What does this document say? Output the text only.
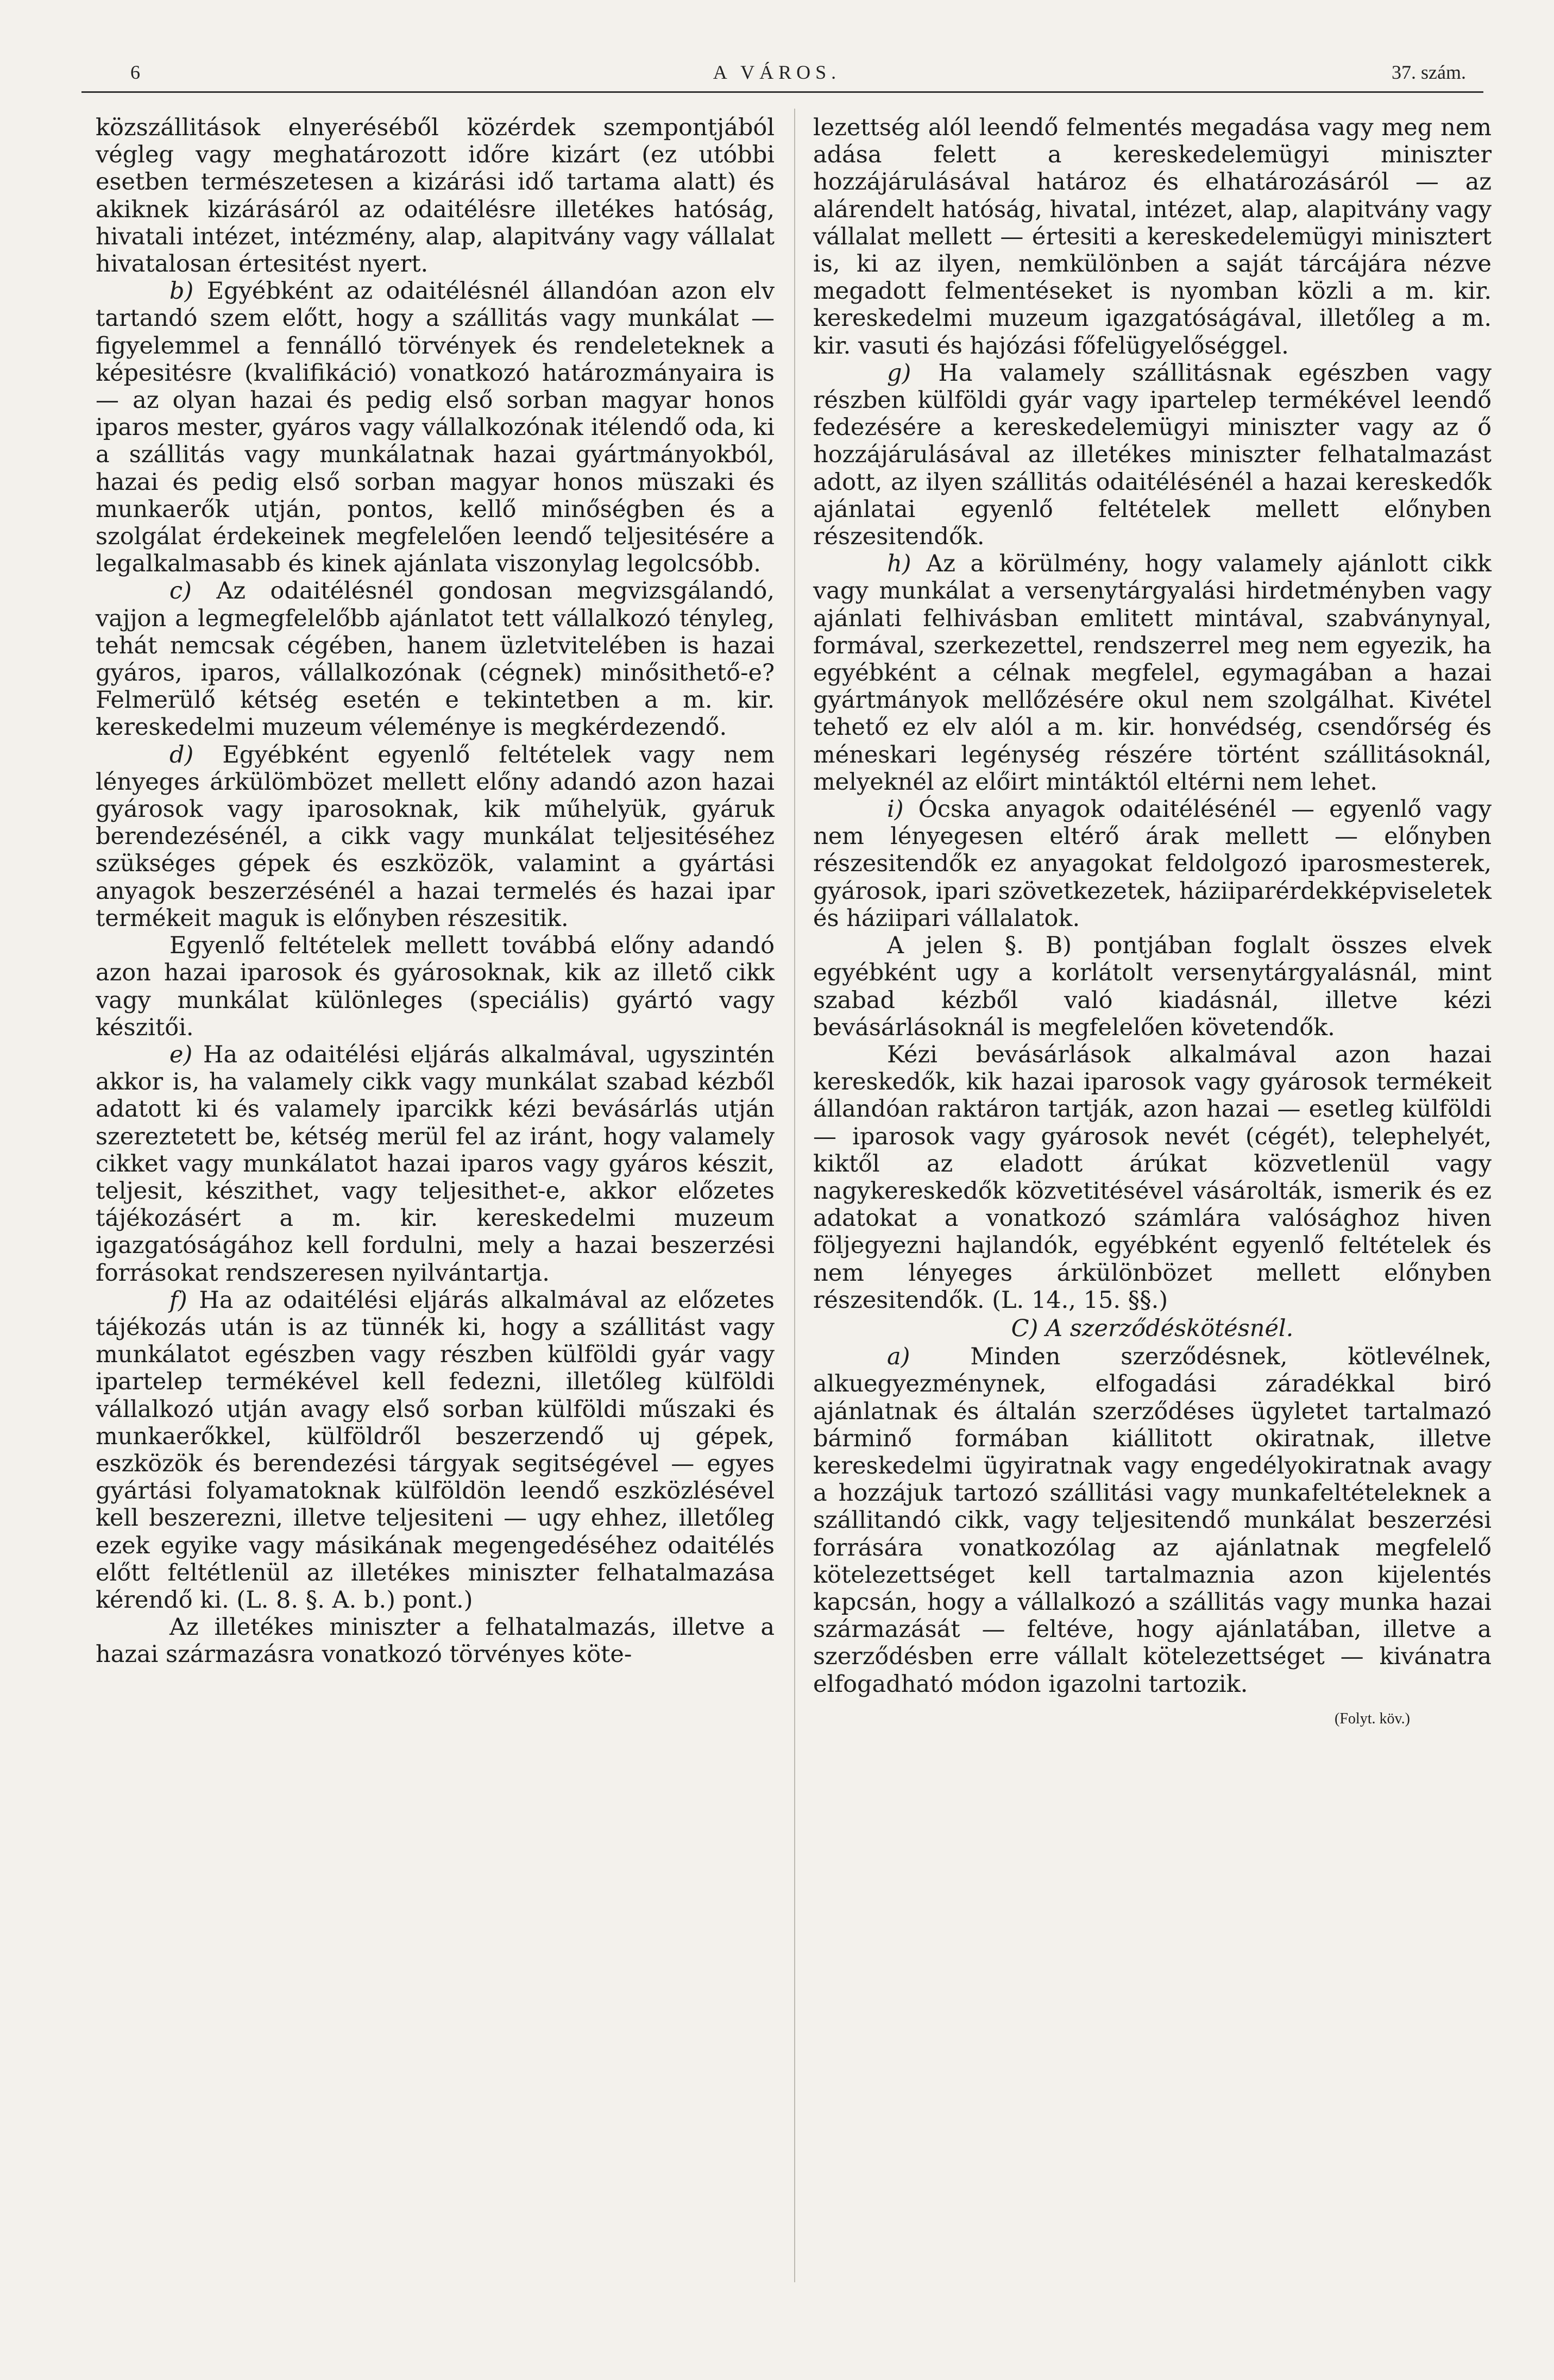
6	A VÁROS.	37. szám.

közszállitások elnyeréséből közérdek szempontjából végleg vagy meghatározott időre kizárt (ez utóbbi esetben természetesen a kizárási idő tartama alatt) és akiknek kizárásáról az odaitélésre illetékes hatóság, hivatali intézet, intézmény, alap, alapitvány vagy vállalat hivatalosan értesitést nyert.

b) Egyébként az odaitélésnél állandóan azon elv tartandó szem előtt, hogy a szállitás vagy munkálat — figyelemmel a fennálló törvények és rendeleteknek a képesitésre (kvalifikáció) vonatkozó határozmányaira is — az olyan hazai és pedig első sorban magyar honos iparos mester, gyáros vagy vállalkozónak itélendő oda, ki a szállitás vagy munkálatnak hazai gyártmányokból, hazai és pedig első sorban magyar honos müszaki és munkaerők utján, pontos, kellő minőségben és a szolgálat érdekeinek megfelelően leendő teljesitésére a legalkalmasabb és kinek ajánlata viszonylag legolcsóbb.

c) Az odaitélésnél gondosan megvizsgálandó, vajjon a legmegfelelőbb ajánlatot tett vállalkozó tényleg, tehát nemcsak cégében, hanem üzletvitelében is hazai gyáros, iparos, vállalkozónak (cégnek) minősithető-e? Felmerülő kétség esetén e tekintetben a m. kir. kereskedelmi muzeum véleménye is megkérdezendő.

d) Egyébként egyenlő feltételek vagy nem lényeges árkülömbözet mellett előny adandó azon hazai gyárosok vagy iparosoknak, kik műhelyük, gyáruk berendezésénél, a cikk vagy munkálat teljesitéséhez szükséges gépek és eszközök, valamint a gyártási anyagok beszerzésénél a hazai termelés és hazai ipar termékeit maguk is előnyben részesitik.

Egyenlő feltételek mellett továbbá előny adandó azon hazai iparosok és gyárosoknak, kik az illető cikk vagy munkálat különleges (speciális) gyártó vagy készitői.

e) Ha az odaitélési eljárás alkalmával, ugyszintén akkor is, ha valamely cikk vagy munkálat szabad kézből adatott ki és valamely iparcikk kézi bevásárlás utján szereztetett be, kétség merül fel az iránt, hogy valamely cikket vagy munkálatot hazai iparos vagy gyáros készit, teljesit, készithet, vagy teljesithet-e, akkor előzetes tájékozásért a m. kir. kereskedelmi muzeum igazgatóságához kell fordulni, mely a hazai beszerzési forrásokat rendszeresen nyilvántartja.

f) Ha az odaitélési eljárás alkalmával az előzetes tájékozás után is az tünnék ki, hogy a szállitást vagy munkálatot egészben vagy részben külföldi gyár vagy ipartelep termékével kell fedezni, illetőleg külföldi vállalkozó utján avagy első sorban külföldi műszaki és munkaerőkkel, külföldről beszerzendő uj gépek, eszközök és berendezési tárgyak segitségével — egyes gyártási folyamatoknak külföldön leendő eszközlésével kell beszerezni, illetve teljesiteni — ugy ehhez, illetőleg ezek egyike vagy másikának megengedéséhez odaitélés előtt feltétlenül az illetékes miniszter felhatalmazása kérendő ki. (L. 8. §. A. b.) pont.)

Az illetékes miniszter a felhatalmazás, illetve a hazai származásra vonatkozó törvényes köte-

lezettség alól leendő felmentés megadása vagy meg nem adása felett a kereskedelemügyi miniszter hozzájárulásával határoz és elhatározásáról — az alárendelt hatóság, hivatal, intézet, alap, alapitvány vagy vállalat mellett — értesiti a kereskedelemügyi minisztert is, ki az ilyen, nemkülönben a saját tárcájára nézve megadott felmentéseket is nyomban közli a m. kir. kereskedelmi muzeum igazgatóságával, illetőleg a m. kir. vasuti és hajózási főfelügyelőséggel.

g) Ha valamely szállitásnak egészben vagy részben külföldi gyár vagy ipartelep termékével leendő fedezésére a kereskedelemügyi miniszter vagy az ő hozzájárulásával az illetékes miniszter felhatalmazást adott, az ilyen szállitás odaitélésénél a hazai kereskedők ajánlatai egyenlő feltételek mellett előnyben részesitendők.

h) Az a körülmény, hogy valamely ajánlott cikk vagy munkálat a versenytárgyalási hirdetményben vagy ajánlati felhivásban emlitett mintával, szabványnyal, formával, szerkezettel, rendszerrel meg nem egyezik, ha egyébként a célnak megfelel, egymagában a hazai gyártmányok mellőzésére okul nem szolgálhat. Kivétel tehető ez elv alól a m. kir. honvédség, csendőrség és méneskari legénység részére történt szállitásoknál, melyeknél az előirt mintáktól eltérni nem lehet.

i) Ócska anyagok odaitélésénél — egyenlő vagy nem lényegesen eltérő árak mellett — előnyben részesitendők ez anyagokat feldolgozó iparosmesterek, gyárosok, ipari szövetkezetek, háziiparérdekképviseletek és háziipari vállalatok.

A jelen §. B) pontjában foglalt összes elvek egyébként ugy a korlátolt versenytárgyalásnál, mint szabad kézből való kiadásnál, illetve kézi bevásárlásoknál is megfelelően követendők.

Kézi bevásárlások alkalmával azon hazai kereskedők, kik hazai iparosok vagy gyárosok termékeit állandóan raktáron tartják, azon hazai — esetleg külföldi — iparosok vagy gyárosok nevét (cégét), telephelyét, kiktől az eladott árúkat közvetlenül vagy nagykereskedők közvetitésével vásárolták, ismerik és ez adatokat a vonatkozó számlára valósághoz hiven följegyezni hajlandók, egyébként egyenlő feltételek és nem lényeges árkülönbözet mellett előnyben részesitendők. (L. 14., 15. §§.)

C) A szerződéskötésnél.

a) Minden szerződésnek, kötlevélnek, alkuegyezménynek, elfogadási záradékkal biró ajánlatnak és általán szerződéses ügyletet tartalmazó bárminő formában kiállitott okiratnak, illetve kereskedelmi ügyiratnak vagy engedélyokiratnak avagy a hozzájuk tartozó szállitási vagy munkafeltételeknek a szállitandó cikk, vagy teljesitendő munkálat beszerzési forrására vonatkozólag az ajánlatnak megfelelő kötelezettséget kell tartalmaznia azon kijelentés kapcsán, hogy a vállalkozó a szállitás vagy munka hazai származását — feltéve, hogy ajánlatában, illetve a szerződésben erre vállalt kötelezettséget — kivánatra elfogadható módon igazolni tartozik.

(Folyt. köv.)
